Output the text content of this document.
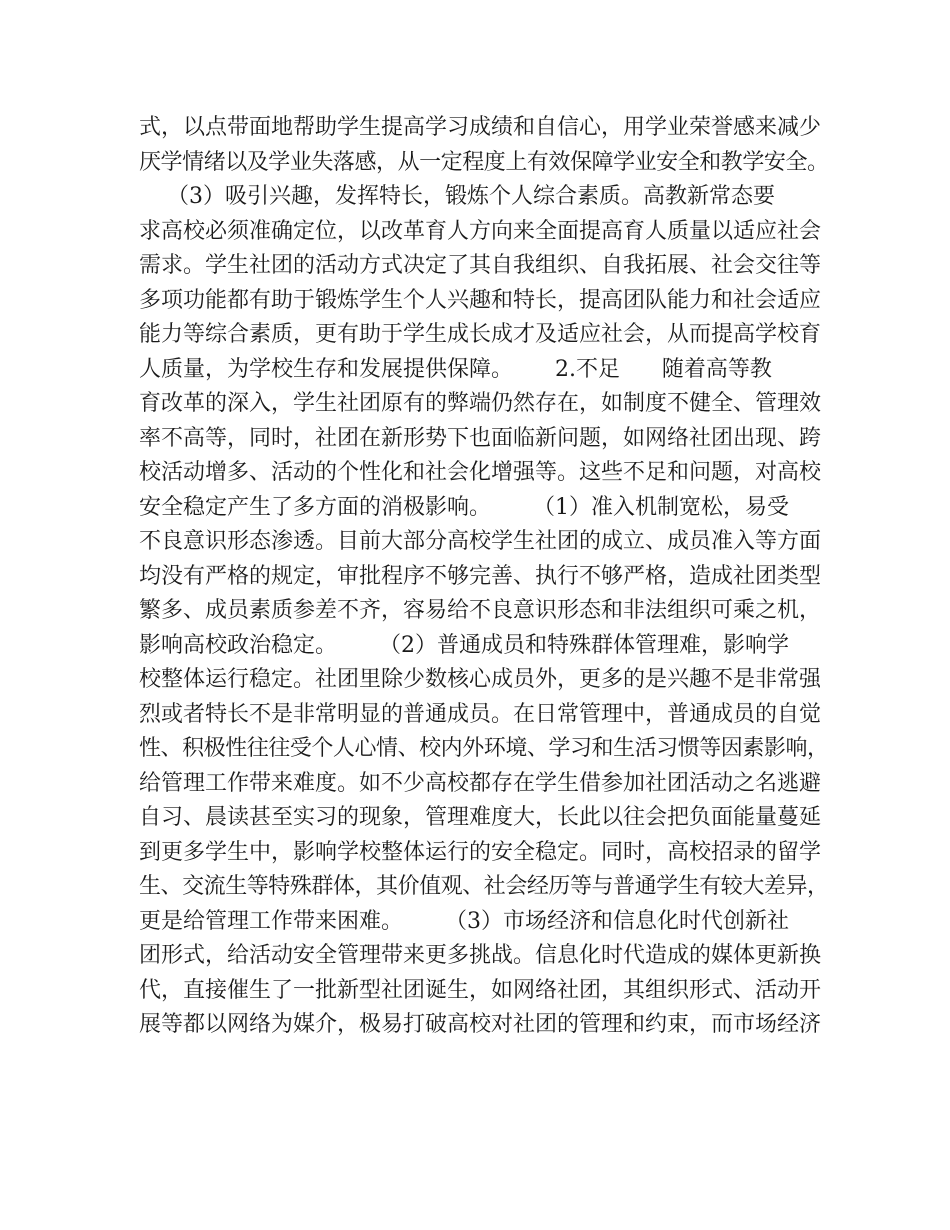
式，以点带面地帮助学生提高学习成绩和自信心，用学业荣誉感来减少
厌学情绪以及学业失落感，从一定程度上有效保障学业安全和教学安全。
（3）吸引兴趣，发挥特长，锻炼个人综合素质。高教新常态要
求高校必须准确定位，以改革育人方向来全面提高育人质量以适应社会
需求。学生社团的活动方式决定了其自我组织、自我拓展、社会交往等
多项功能都有助于锻炼学生个人兴趣和特长，提高团队能力和社会适应
能力等综合素质，更有助于学生成长成才及适应社会，从而提高学校育
人质量，为学校生存和发展提供保障。      2.不足      随着高等教
育改革的深入，学生社团原有的弊端仍然存在，如制度不健全、管理效
率不高等，同时，社团在新形势下也面临新问题，如网络社团出现、跨
校活动增多、活动的个性化和社会化增强等。这些不足和问题，对高校
安全稳定产生了多方面的消极影响。      （1）准入机制宽松，易受
不良意识形态渗透。目前大部分高校学生社团的成立、成员准入等方面
均没有严格的规定，审批程序不够完善、执行不够严格，造成社团类型
繁多、成员素质参差不齐，容易给不良意识形态和非法组织可乘之机，
影响高校政治稳定。      （2）普通成员和特殊群体管理难，影响学
校整体运行稳定。社团里除少数核心成员外，更多的是兴趣不是非常强
烈或者特长不是非常明显的普通成员。在日常管理中，普通成员的自觉
性、积极性往往受个人心情、校内外环境、学习和生活习惯等因素影响，
给管理工作带来难度。如不少高校都存在学生借参加社团活动之名逃避
自习、晨读甚至实习的现象，管理难度大，长此以往会把负面能量蔓延
到更多学生中，影响学校整体运行的安全稳定。同时，高校招录的留学
生、交流生等特殊群体，其价值观、社会经历等与普通学生有较大差异，
更是给管理工作带来困难。      （3）市场经济和信息化时代创新社
团形式，给活动安全管理带来更多挑战。信息化时代造成的媒体更新换
代，直接催生了一批新型社团诞生，如网络社团，其组织形式、活动开
展等都以网络为媒介，极易打破高校对社团的管理和约束，而市场经济
